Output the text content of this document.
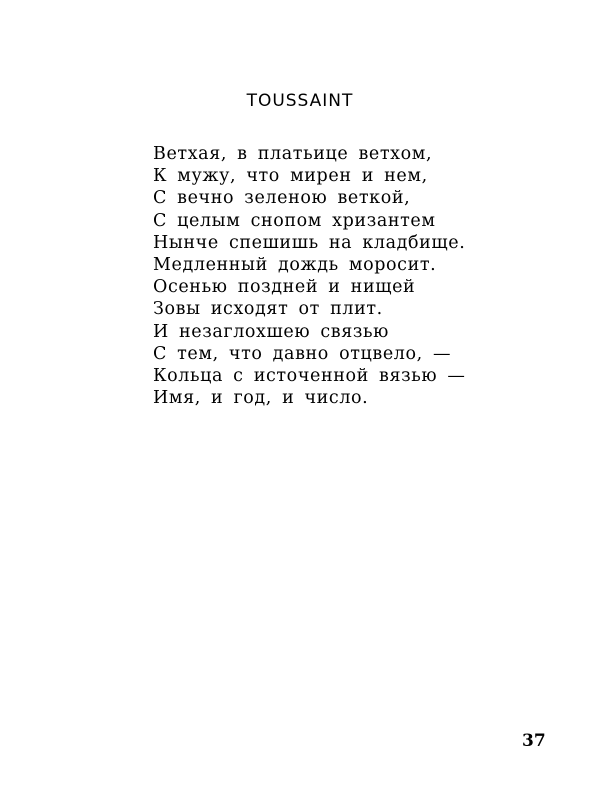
TOUSSAINT
Ветхая, в платьице ветхом,
К мужу, что мирен и нем,
С вечно зеленою веткой,
С целым снопом хризантем
Нынче спешишь на кладбище.
Медленный дождь моросит.
Осенью поздней и нищей
Зовы исходят от плит.
И незаглохшею связью
С тем, что давно отцвело, —
Кольца с источенной вязью —
Имя, и год, и число.
37
